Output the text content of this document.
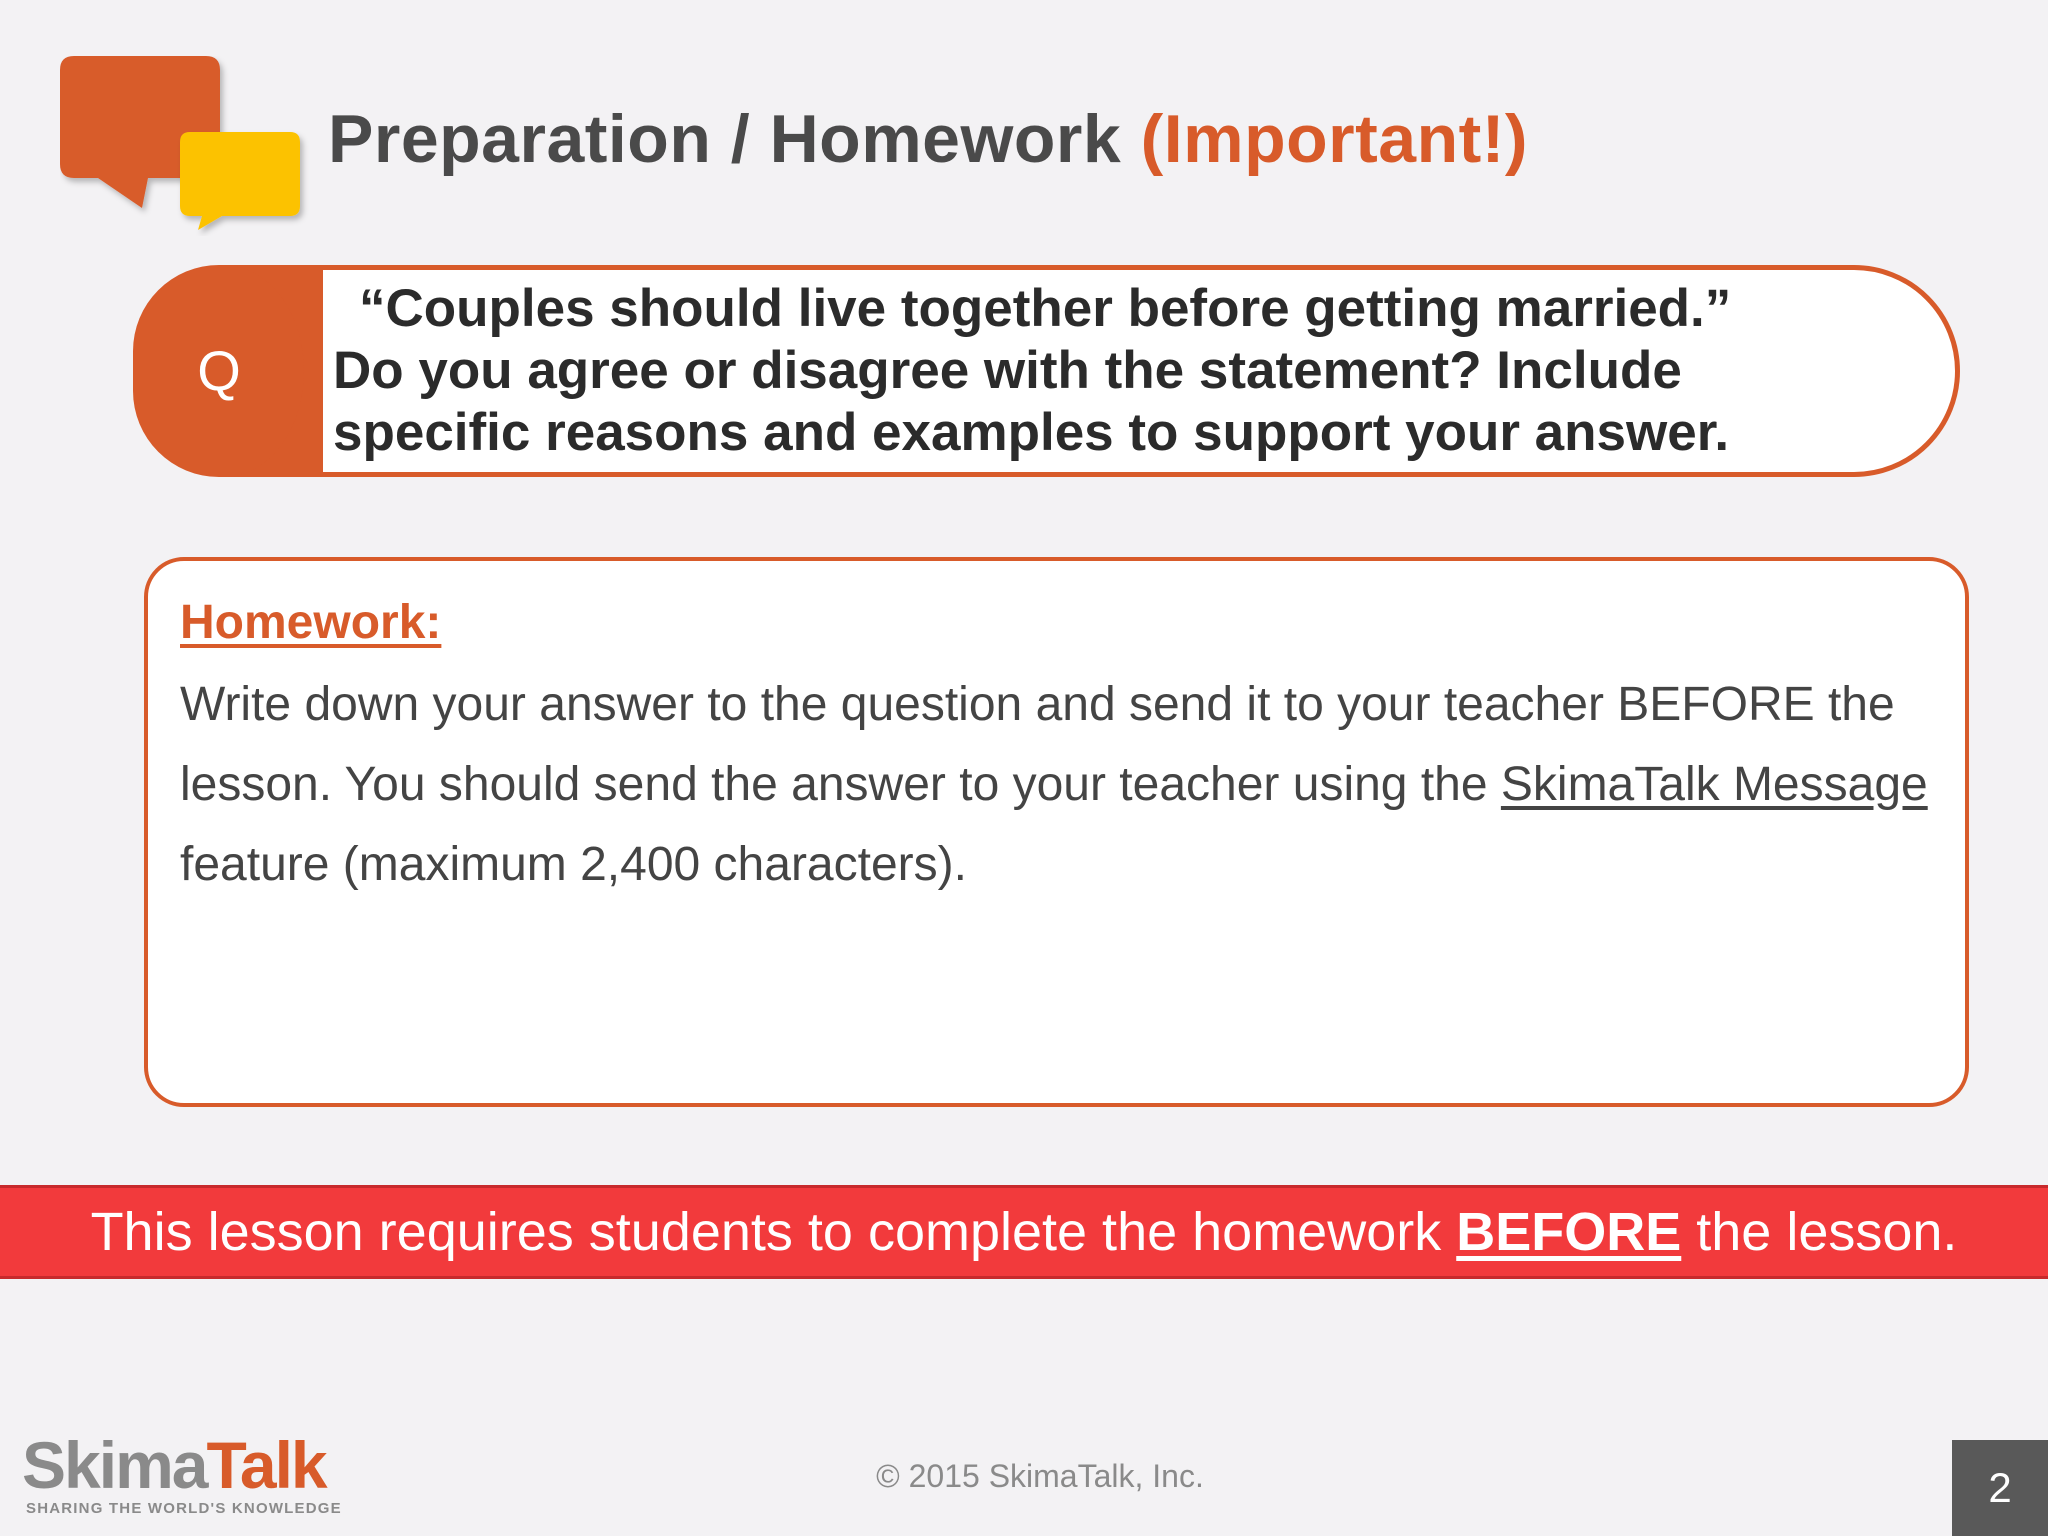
Preparation / Homework (Important!)
Q
“Couples should live together before getting married.”
Do you agree or disagree with the statement? Include specific reasons and examples to support your answer.
Homework:
Write down your answer to the question and send it to your teacher BEFORE the lesson. You should send the answer to your teacher using the SkimaTalk Message feature (maximum 2,400 characters).
This lesson requires students to complete the homework BEFORE the lesson.
SkimaTalk
SHARING THE WORLD'S KNOWLEDGE
© 2015 SkimaTalk, Inc.	2
